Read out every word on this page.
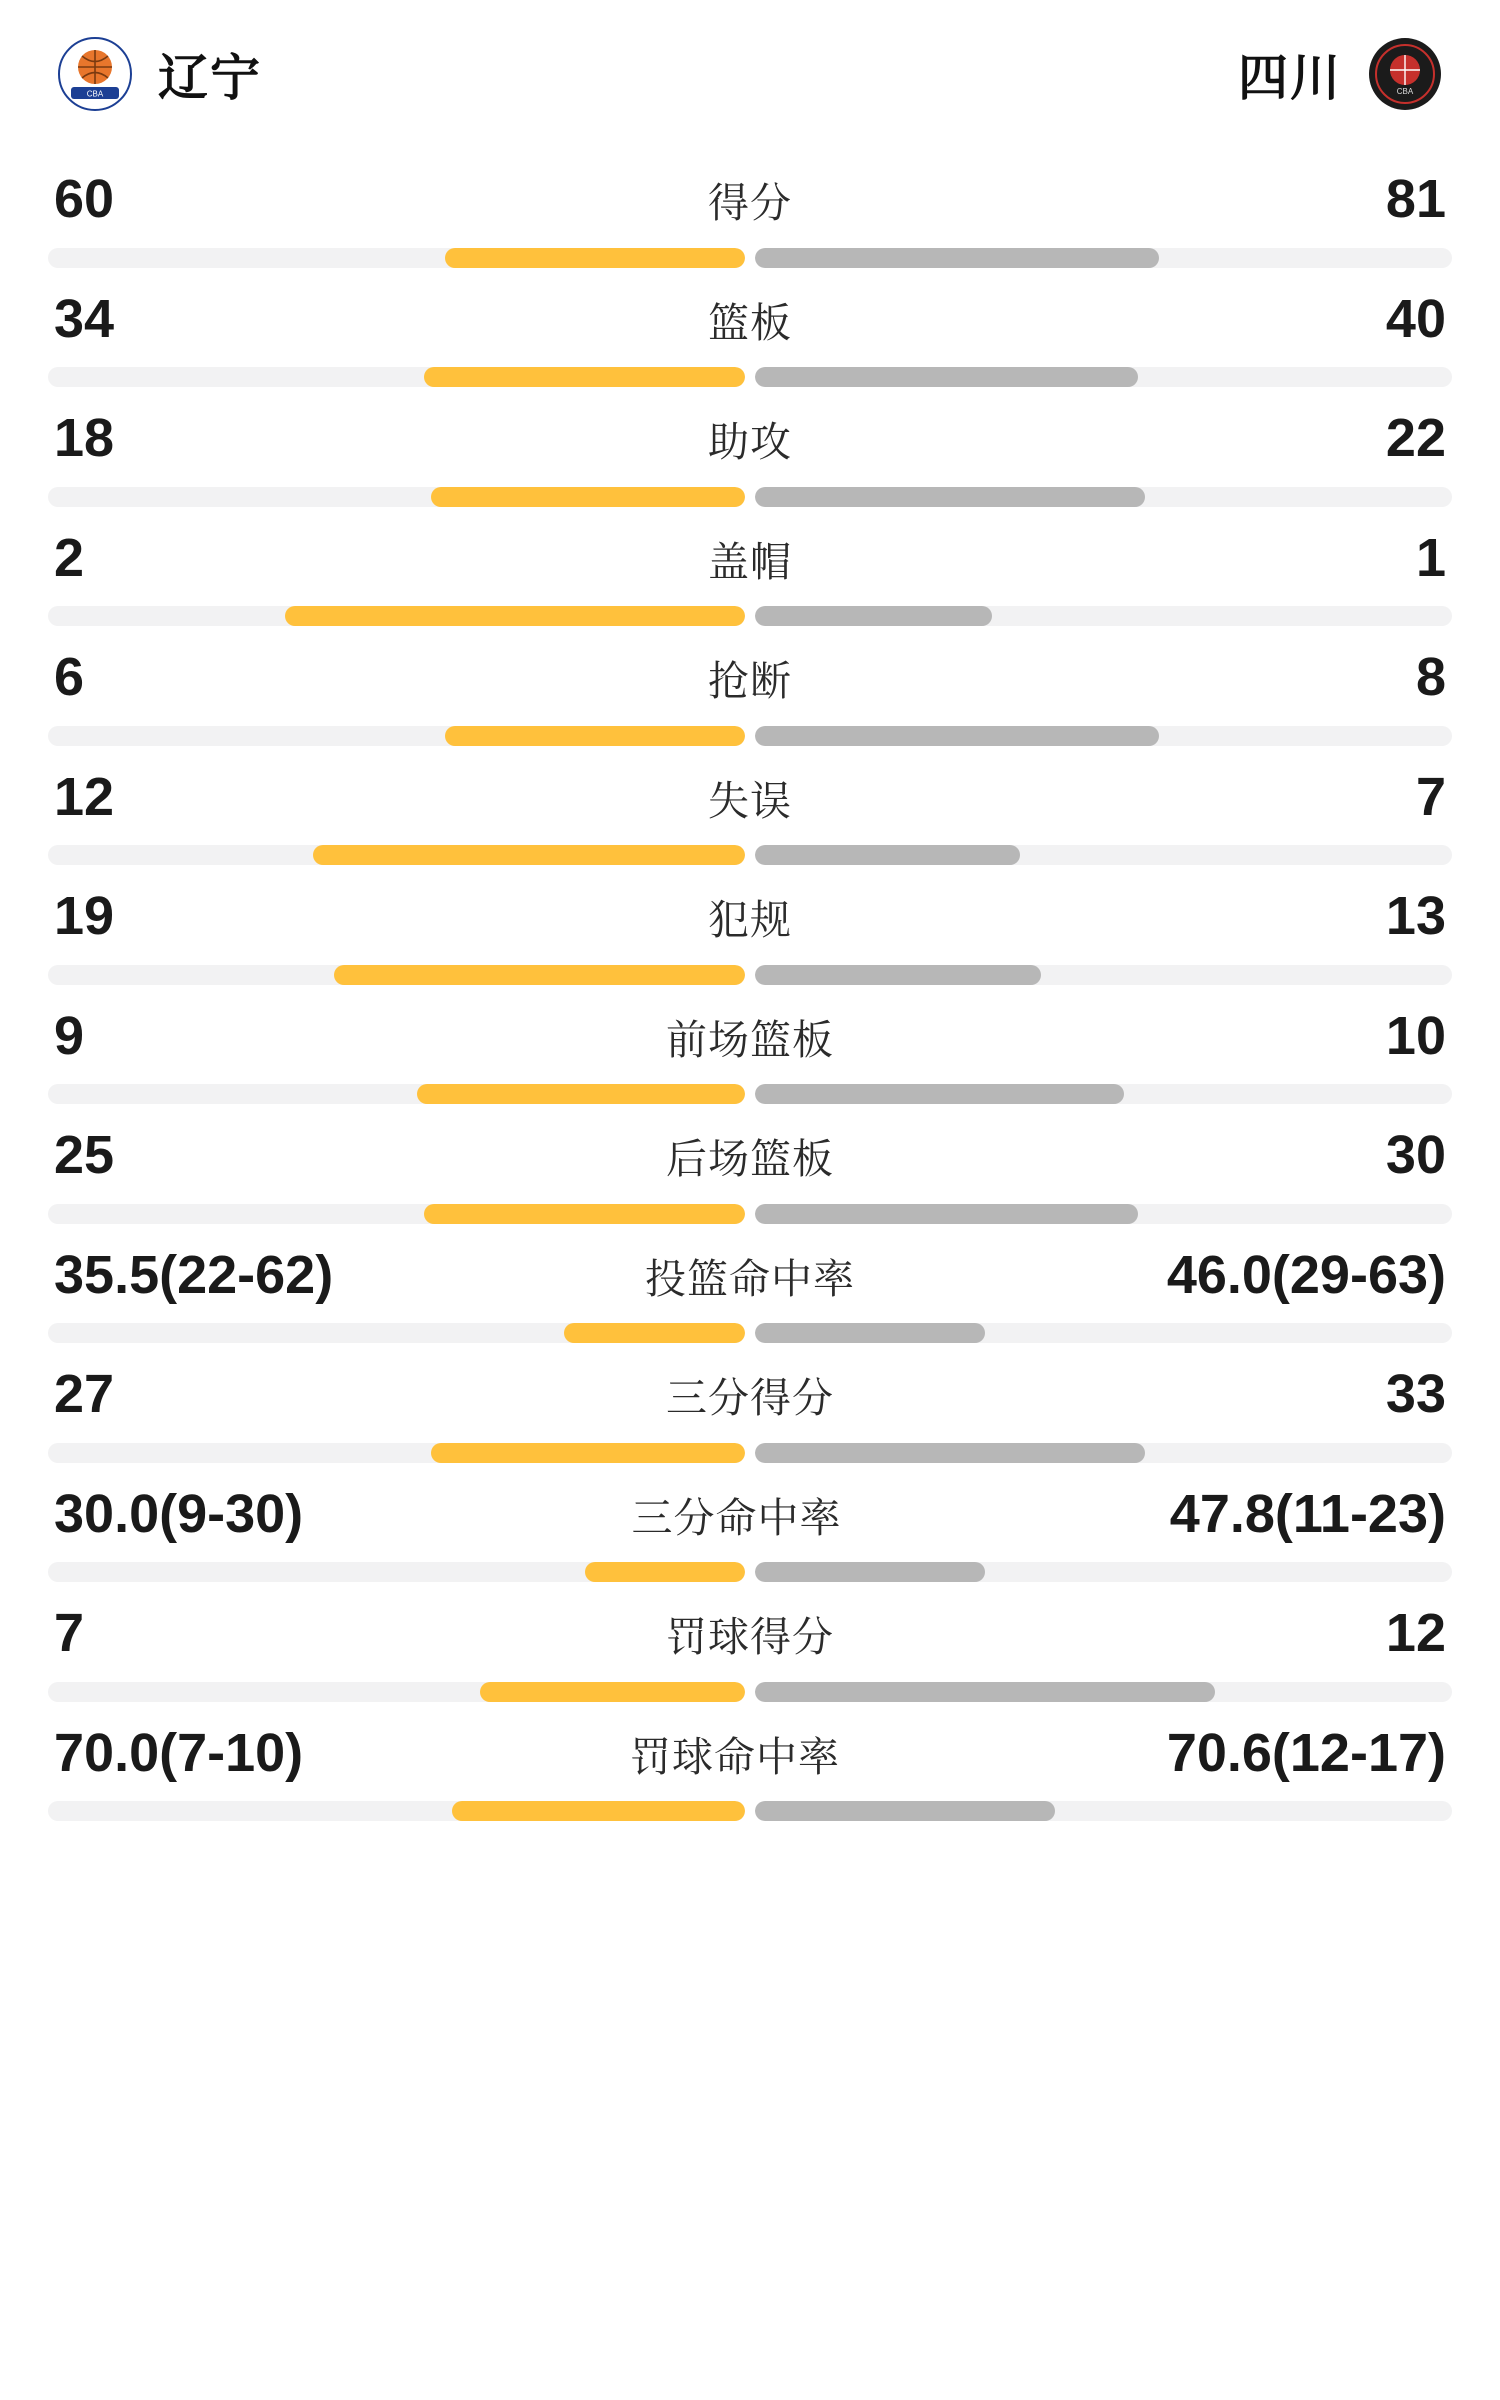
CBA 辽宁	四川	CBA
60	得分	81
34	篮板	40
18	助攻	22
2	盖帽	1
6	抢断	8
12	失误	7
19	犯规	13
9	前场篮板	10
25	后场篮板	30
35.5(22-62)	投篮命中率	46.0(29-63)
27	三分得分	33
30.0(9-30)	三分命中率	47.8(11-23)
7	罚球得分	12
70.0(7-10)	罚球命中率	70.6(12-17)
